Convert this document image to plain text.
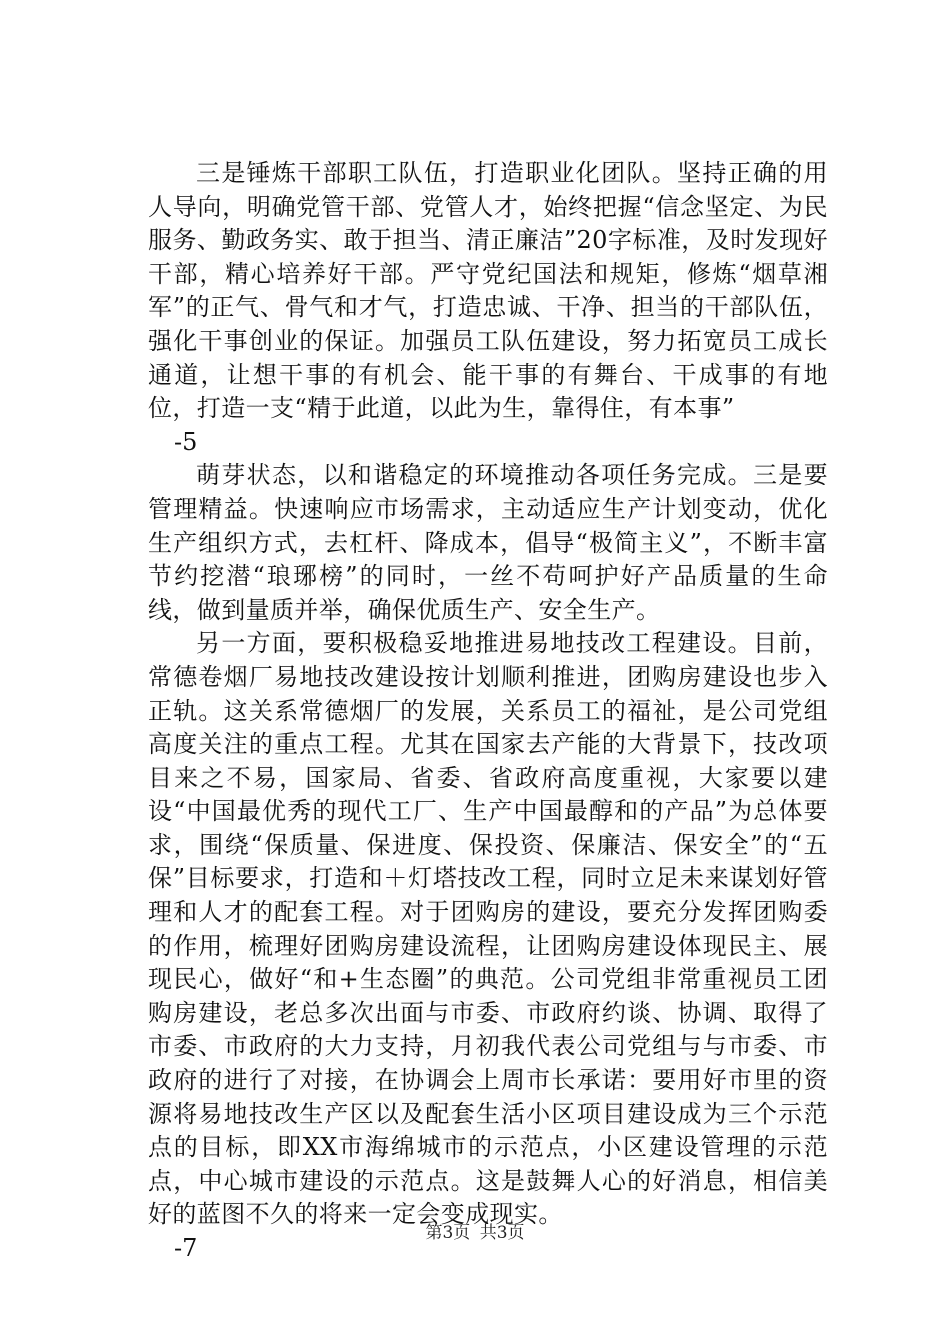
三是锤炼干部职工队伍，打造职业化团队。坚持正确的用人导向，明确党管干部、党管人才，始终把握“信念坚定、为民服务、勤政务实、敢于担当、清正廉洁”20字标准，及时发现好干部，精心培养好干部。严守党纪国法和规矩，修炼“烟草湘军”的正气、骨气和才气，打造忠诚、干净、担当的干部队伍，强化干事创业的保证。加强员工队伍建设，努力拓宽员工成长通道，让想干事的有机会、能干事的有舞台、干成事的有地位，打造一支“精于此道，以此为生，靠得住，有本事”

-5

萌芽状态，以和谐稳定的环境推动各项任务完成。三是要管理精益。快速响应市场需求，主动适应生产计划变动，优化生产组织方式，去杠杆、降成本，倡导“极简主义”，不断丰富节约挖潜“琅琊榜”的同时，一丝不苟呵护好产品质量的生命线，做到量质并举，确保优质生产、安全生产。

另一方面，要积极稳妥地推进易地技改工程建设。目前，常德卷烟厂易地技改建设按计划顺利推进，团购房建设也步入正轨。这关系常德烟厂的发展，关系员工的福祉，是公司党组高度关注的重点工程。尤其在国家去产能的大背景下，技改项目来之不易，国家局、省委、省政府高度重视，大家要以建设“中国最优秀的现代工厂、生产中国最醇和的产品”为总体要求，围绕“保质量、保进度、保投资、保廉洁、保安全”的“五保”目标要求，打造和＋灯塔技改工程，同时立足未来谋划好管理和人才的配套工程。对于团购房的建设，要充分发挥团购委的作用，梳理好团购房建设流程，让团购房建设体现民主、展现民心，做好“和+生态圈”的典范。公司党组非常重视员工团购房建设，老总多次出面与市委、市政府约谈、协调、取得了市委、市政府的大力支持，月初我代表公司党组与与市委、市政府的进行了对接，在协调会上周市长承诺：要用好市里的资源将易地技改生产区以及配套生活小区项目建设成为三个示范点的目标，即XX市海绵城市的示范点，小区建设管理的示范点，中心城市建设的示范点。这是鼓舞人心的好消息，相信美好的蓝图不久的将来一定会变成现实。

-7

第3页 共3页
